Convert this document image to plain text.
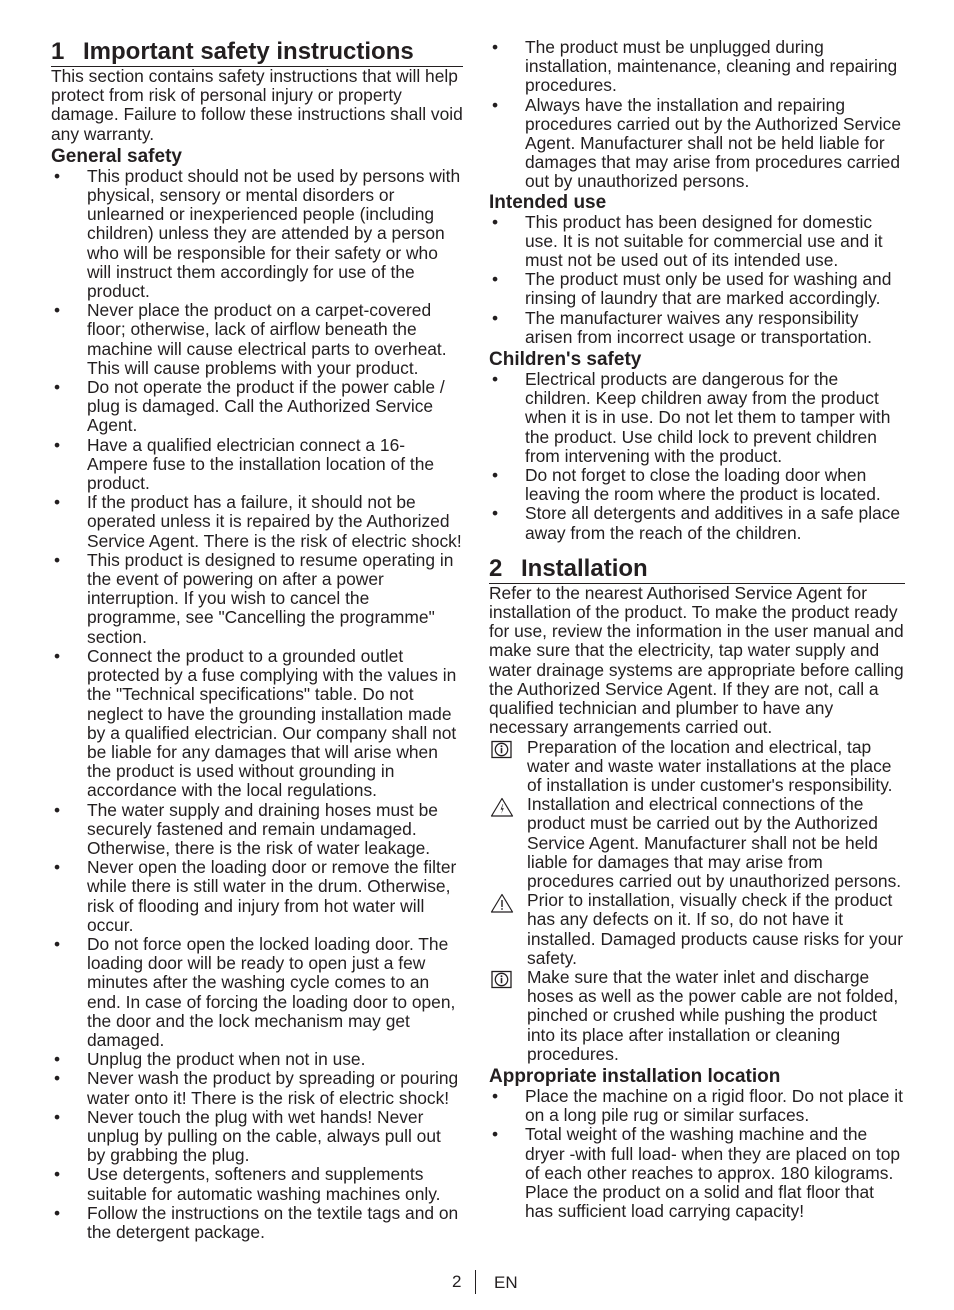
1 Important safety instructions

This section contains safety instructions that will help protect from risk of personal injury or property damage. Failure to follow these instructions shall void any warranty.

General safety
• This product should not be used by persons with physical, sensory or mental disorders or unlearned or inexperienced people (including children) unless they are attended by a person who will be responsible for their safety or who will instruct them accordingly for use of the product.
• Never place the product on a carpet-covered floor; otherwise, lack of airflow beneath the machine will cause electrical parts to overheat. This will cause problems with your product.
• Do not operate the product if the power cable / plug is damaged. Call the Authorized Service Agent.
• Have a qualified electrician connect a 16-Ampere fuse to the installation location of the product.
• If the product has a failure, it should not be operated unless it is repaired by the Authorized Service Agent. There is the risk of electric shock!
• This product is designed to resume operating in the event of powering on after a power interruption. If you wish to cancel the programme, see "Cancelling the programme" section.
• Connect the product to a grounded outlet protected by a fuse complying with the values in the "Technical specifications" table. Do not neglect to have the grounding installation made by a qualified electrician. Our company shall not be liable for any damages that will arise when the product is used without grounding in accordance with the local regulations.
• The water supply and draining hoses must be securely fastened and remain undamaged. Otherwise, there is the risk of water leakage.
• Never open the loading door or remove the filter while there is still water in the drum. Otherwise, risk of flooding and injury from hot water will occur.
• Do not force open the locked loading door. The loading door will be ready to open just a few minutes after the washing cycle comes to an end. In case of forcing the loading door to open, the door and the lock mechanism may get damaged.
• Unplug the product when not in use.
• Never wash the product by spreading or pouring water onto it! There is the risk of electric shock!
• Never touch the plug with wet hands! Never unplug by pulling on the cable, always pull out by grabbing the plug.
• Use detergents, softeners and supplements suitable for automatic washing machines only.
• Follow the instructions on the textile tags and on the detergent package.
• The product must be unplugged during installation, maintenance, cleaning and repairing procedures.
• Always have the installation and repairing procedures carried out by the Authorized Service Agent. Manufacturer shall not be held liable for damages that may arise from procedures carried out by unauthorized persons.
Intended use
• This product has been designed for domestic use. It is not suitable for commercial use and it must not be used out of its intended use.
• The product must only be used for washing and rinsing of laundry that are marked accordingly.
• The manufacturer waives any responsibility arisen from incorrect usage or transportation.
Children's safety
• Electrical products are dangerous for the children. Keep children away from the product when it is in use. Do not let them to tamper with the product. Use child lock to prevent children from intervening with the product.
• Do not forget to close the loading door when leaving the room where the product is located.
• Store all detergents and additives in a safe place away from the reach of the children.
2 Installation

Refer to the nearest Authorised Service Agent for installation of the product. To make the product ready for use, review the information in the user manual and make sure that the electricity, tap water supply and water drainage systems are appropriate before calling the Authorized Service Agent. If they are not, call a qualified technician and plumber to have any necessary arrangements carried out.

Preparation of the location and electrical, tap water and waste water installations at the place of installation is under customer's responsibility.
Installation and electrical connections of the product must be carried out by the Authorized Service Agent. Manufacturer shall not be held liable for damages that may arise from procedures carried out by unauthorized persons.
Prior to installation, visually check if the product has any defects on it. If so, do not have it installed. Damaged products cause risks for your safety.
Make sure that the water inlet and discharge hoses as well as the power cable are not folded, pinched or crushed while pushing the product into its place after installation or cleaning procedures.
Appropriate installation location
• Place the machine on a rigid floor. Do not place it on a long pile rug or similar surfaces.
• Total weight of the washing machine and the dryer -with full load- when they are placed on top of each other reaches to approx. 180 kilograms. Place the product on a solid and flat floor that has sufficient load carrying capacity!
2 EN
